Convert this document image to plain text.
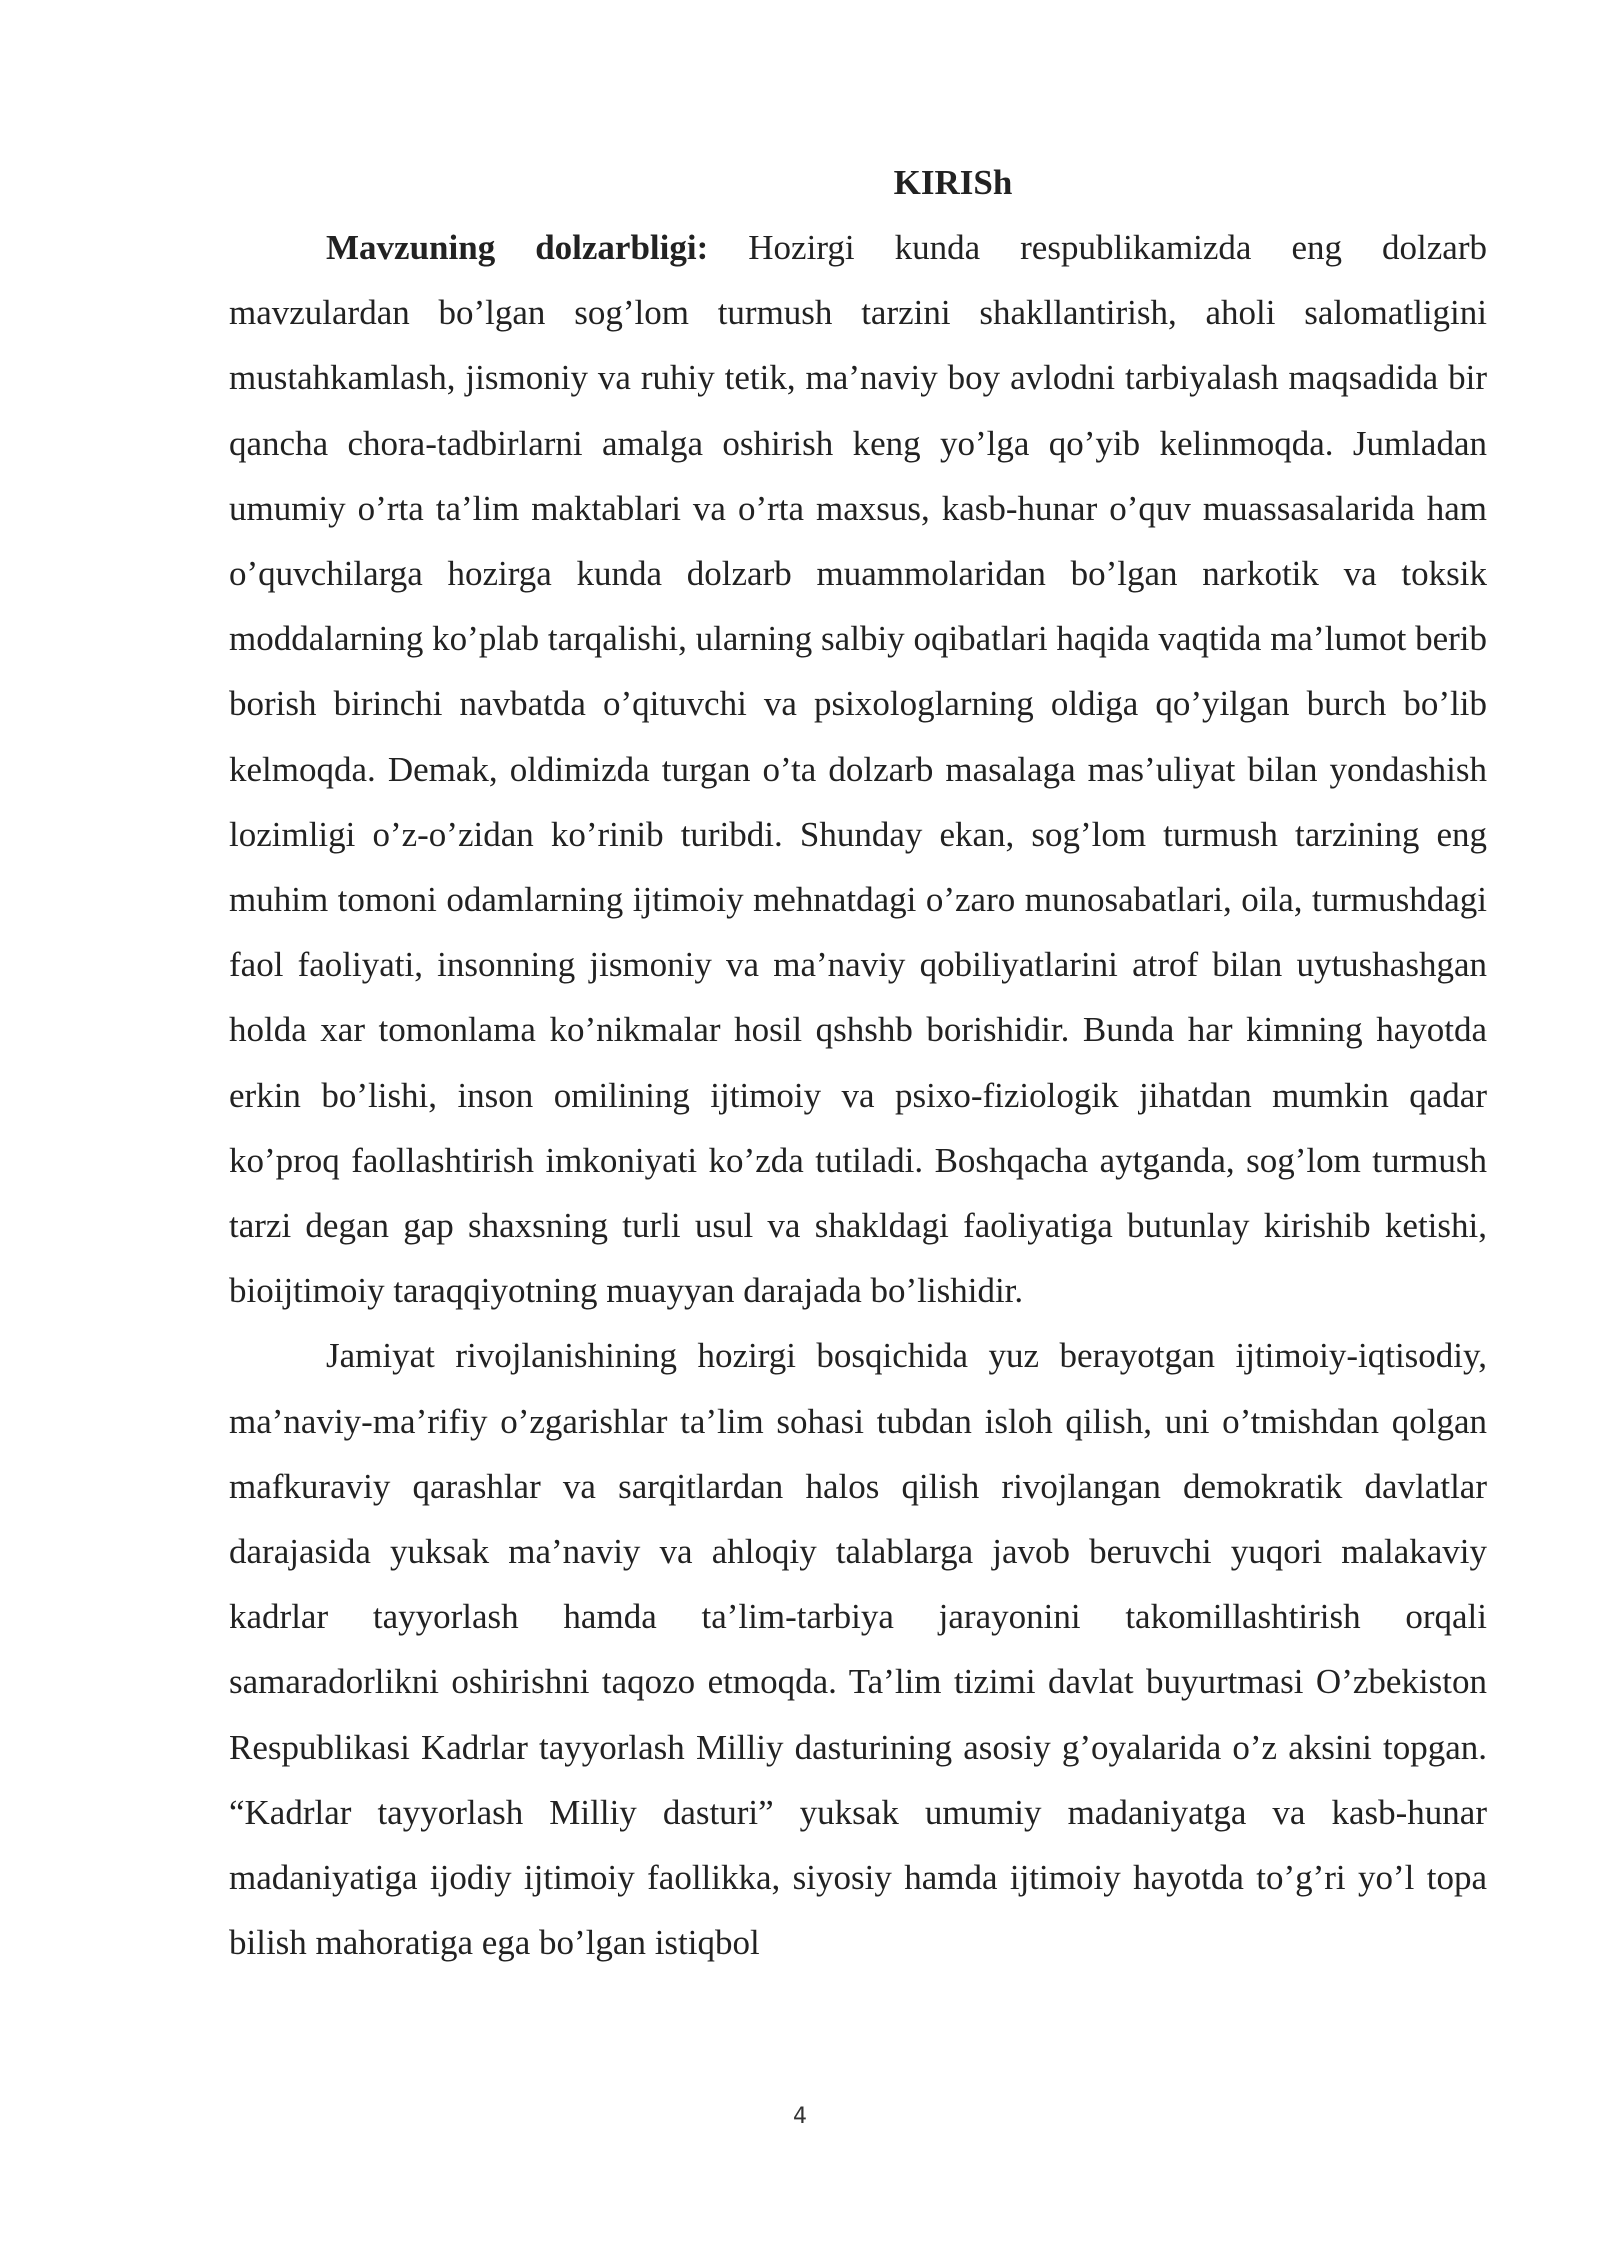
KIRISh

Mavzuning dolzarbligi: Hozirgi kunda respublikamizda eng dolzarb mavzulardan bo’lgan sog’lom turmush tarzini shakllantirish, aholi salomatligini mustahkamlash, jismoniy va ruhiy tetik, ma’naviy boy avlodni tarbiyalash maqsadida bir qancha chora-tadbirlarni amalga oshirish keng yo’lga qo’yib kelinmoqda. Jumladan umumiy o’rta ta’lim maktablari va o’rta maxsus, kasb-hunar o’quv muassasalarida ham o’quvchilarga hozirga kunda dolzarb muammolaridan bo’lgan narkotik va toksik moddalarning ko’plab tarqalishi, ularning salbiy oqibatlari haqida vaqtida ma’lumot berib borish birinchi navbatda o’qituvchi va psixologlarning oldiga qo’yilgan burch bo’lib kelmoqda. Demak, oldimizda turgan o’ta dolzarb masalaga mas’uliyat bilan yondashish lozimligi o’z-o’zidan ko’rinib turibdi. Shunday ekan, sog’lom turmush tarzining eng muhim tomoni odamlarning ijtimoiy mehnatdagi o’zaro munosabatlari, oila, turmushdagi faol faoliyati, insonning jismoniy va ma’naviy qobiliyatlarini atrof bilan uytushashgan holda xar tomonlama ko’nikmalar hosil qshshb borishidir. Bunda har kimning hayotda erkin bo’lishi, inson omilining ijtimoiy va psixo-fiziologik jihatdan mumkin qadar ko’proq faollashtirish imkoniyati ko’zda tutiladi. Boshqacha aytganda, sog’lom turmush tarzi degan gap shaxsning turli usul va shakldagi faoliyatiga butunlay kirishib ketishi, bioijtimoiy taraqqiyotning muayyan darajada bo’lishidir.

Jamiyat rivojlanishining hozirgi bosqichida yuz berayotgan ijtimoiy-iqtisodiy, ma’naviy-ma’rifiy o’zgarishlar ta’lim sohasi tubdan isloh qilish, uni o’tmishdan qolgan mafkuraviy qarashlar va sarqitlardan halos qilish rivojlangan demokratik davlatlar darajasida yuksak ma’naviy va ahloqiy talablarga javob beruvchi yuqori malakaviy kadrlar tayyorlash hamda ta’lim-tarbiya jarayonini takomillashtirish orqali samaradorlikni oshirishni taqozo etmoqda. Ta’lim tizimi davlat buyurtmasi O’zbekiston Respublikasi Kadrlar tayyorlash Milliy dasturining asosiy g’oyalarida o’z aksini topgan. “Kadrlar tayyorlash Milliy dasturi” yuksak umumiy madaniyatga va kasb-hunar madaniyatiga ijodiy ijtimoiy faollikka, siyosiy hamda ijtimoiy hayotda to’g’ri yo’l topa bilish mahoratiga ega bo’lgan istiqbol

4
